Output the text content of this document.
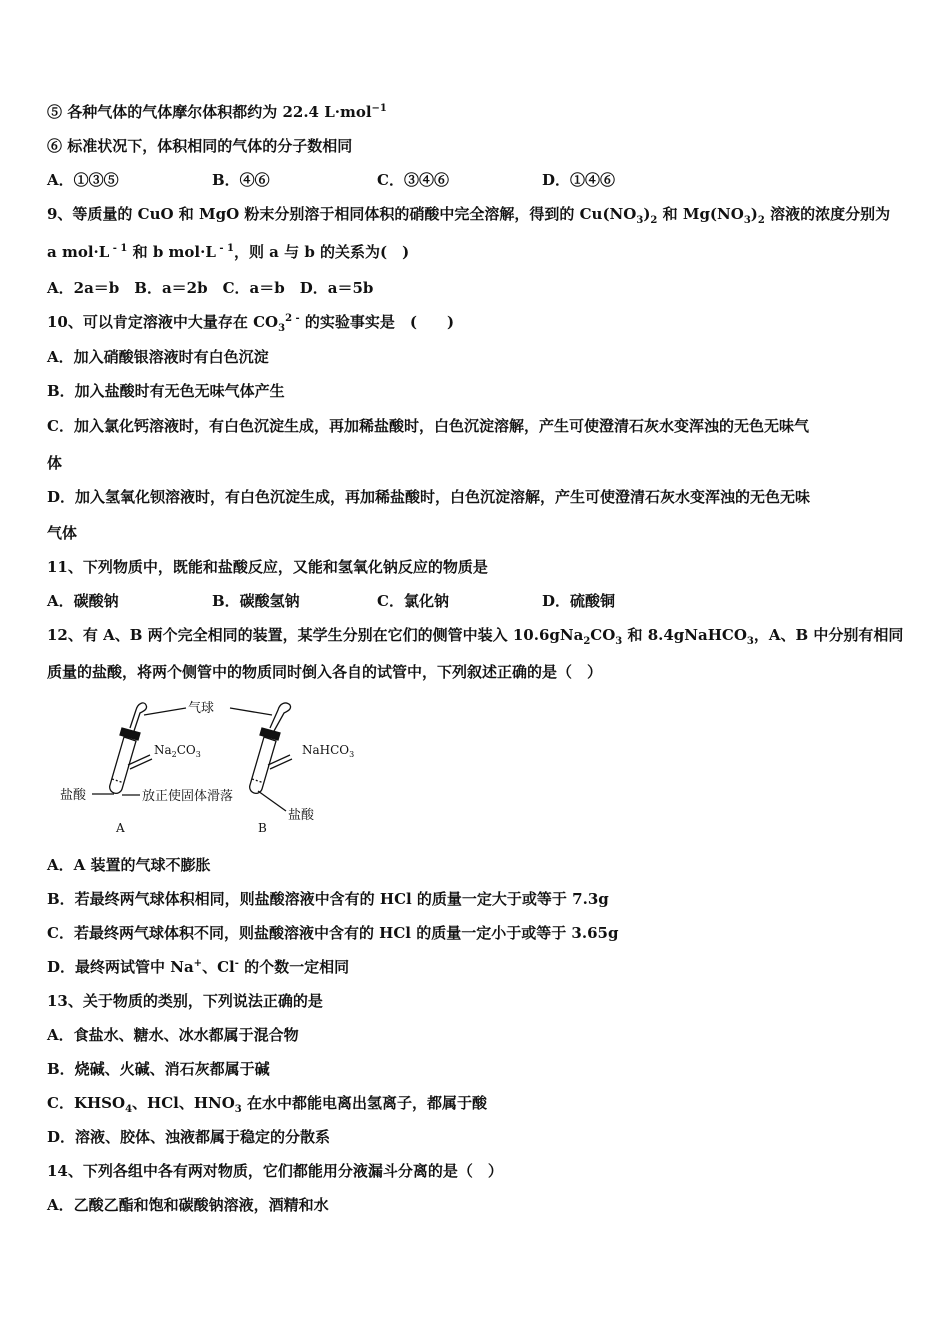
⑤ 各种气体的气体摩尔体积都约为 22.4 L·mol$^{-1}$
⑥ 标准状况下，体积相同的气体的分子数相同
A．①③⑤	B．④⑥	C．③④⑥	D．①④⑥
9、等质量的 CuO 和 MgO 粉末分别溶于相同体积的硝酸中完全溶解，得到的 $Cu(NO_3)_2$ 和 $Mg(NO_3)_2$ 溶液的浓度分别为
a mol·L $^{- 1}$ 和 b mol·L $^{- 1}$，则 a 与 b 的关系为(　)
A．2a＝b　B．a＝2b　C．a＝b　D．a＝5b
10、可以肯定溶液中大量存在 $CO_3^{2 -}$ 的实验事实是　(　　)
A．加入硝酸银溶液时有白色沉淀
B．加入盐酸时有无色无味气体产生
C．加入氯化钙溶液时，有白色沉淀生成，再加稀盐酸时，白色沉淀溶解，产生可使澄清石灰水变浑浊的无色无味气
体
D．加入氢氧化钡溶液时，有白色沉淀生成，再加稀盐酸时，白色沉淀溶解，产生可使澄清石灰水变浑浊的无色无味
气体
11、下列物质中，既能和盐酸反应，又能和氢氧化钠反应的物质是
A．碳酸钠	B．碳酸氢钠	C．氯化钠	D．硫酸铜
12、有 A、B 两个完全相同的装置，某学生分别在它们的侧管中装入 $10.6gNa_2CO_3$ 和 8.4gNaHCO$_3$，A、B 中分别有相同
质量的盐酸，将两个侧管中的物质同时倒入各自的试管中，下列叙述正确的是（　）
气球
$Na_2CO_3$	NaHCO$_3$
盐酸	放正使固体滑落
盐酸
A	B
A．A 装置的气球不膨胀
B．若最终两气球体积相同，则盐酸溶液中含有的 HCl 的质量一定大于或等于 7.3g
C．若最终两气球体积不同，则盐酸溶液中含有的 HCl 的质量一定小于或等于 3.65g
D．最终两试管中 Na+、Cl- 的个数一定相同
13、关于物质的类别，下列说法正确的是
A．食盐水、糖水、冰水都属于混合物
B．烧碱、火碱、消石灰都属于碱
C．$KHSO_4$、HCl、$HNO_3$ 在水中都能电离出氢离子，都属于酸
D．溶液、胶体、浊液都属于稳定的分散系
14、下列各组中各有两对物质，它们都能用分液漏斗分离的是（　）
A．乙酸乙酯和饱和碳酸钠溶液，酒精和水
